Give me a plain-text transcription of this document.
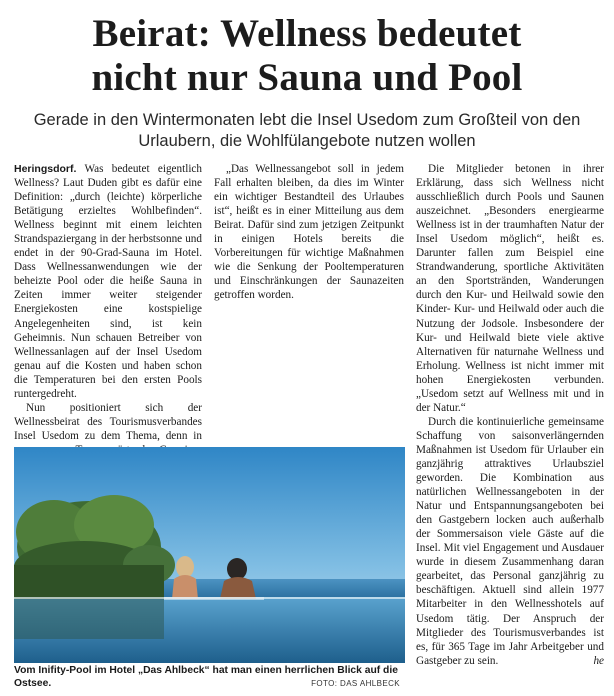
Beirat: Wellness bedeutet
nicht nur Sauna und Pool
Gerade in den Wintermonaten lebt die Insel Usedom zum Großteil von den
Urlaubern, die Wohlfülangebote nutzen wollen

Heringsdorf. Was bedeutet eigentlich Wellness? Laut Duden gibt es dafür eine Definition: „durch (leichte) körperliche Betätigung erzieltes Wohlbefinden“. Wellness beginnt mit einem leichten Strandspaziergang in der herbstsonne und endet in der 90-Grad-Sauna im Hotel. Dass Wellnessanwendungen wie der beheizte Pool oder die heiße Sauna in Zeiten immer weiter steigender Energiekosten eine kostspielige Angelegenheiten sind, ist kein Geheimnis. Nun schauen Betreiber von Wellnessanlagen auf der Insel Usedom genau auf die Kosten und haben schon die Temperaturen bei den ersten Pools runtergedreht.

Nun positioniert sich der Wellnessbeirat des Tourismusverbandes Insel Usedom zu dem Thema, denn in

„Das Wellnessangebot soll in jedem Fall erhalten bleiben, da dies im Winter ein wichtiger Bestandteil des Urlaubes ist“, heißt es in einer Mitteilung aus dem Beirat. Dafür sind zum jetzigen Zeitpunkt in einigen Hotels bereits die Vorbereitungen für wichtige Maßnahmen wie die Senkung der Pooltemperaturen und Einschränkungen der Saunazeiten getroffen worden.

Die Mitglieder betonen in ihrer Erklärung, dass sich Wellness nicht ausschließlich durch Pools und Saunen auszeichnet. „Besonders energiearme Wellness ist in der traumhaften Natur der Insel Usedom möglich“, heißt es. Darunter fallen zum Beispiel eine Strandwanderung, sportliche Aktivitäten an den Sportstränden, Wanderungen durch den Kur- und Heilwald sowie den Kinder- Kur- und Heilwald oder auch die Nutzung der Jodsole. Insbesondere der Kur- und Heilwald biete viele aktive Alternativen für naturnahe Wellness und Erholung. Wellness ist nicht immer mit hohen Energiekosten verbunden. „Usedom setzt auf Wellness mit und in der Natur.“

Durch die kontinuierliche gemeinsame Schaffung von saisonverlängernden Maßnahmen ist Usedom für Urlauber ein ganzjährig attraktives Urlaubsziel geworden. Die Kombination aus natürlichen Wellnessangeboten in der Natur und Entspannungsangeboten bei den Gastgebern locken auch außerhalb der Sommersaison viele Gäste auf die Insel. Mit viel Engagement und Ausdauer wurde in diesem Zusammenhang daran gearbeitet, das Personal ganzjährig zu beschäftigen. Aktuell sind allein 1977 Mitarbeiter in den Wellnesshotels auf Usedom tätig. Der Anspruch der Mitglieder des Tourismusverbandes ist es, für 365 Tage im Jahr Arbeitgeber und Gastgeber zu sein.	he

Vom Inifity-Pool im Hotel „Das Ahlbeck“ hat man einen herrlichen Blick auf die Ostsee.	FOTO: DAS AHLBECK
